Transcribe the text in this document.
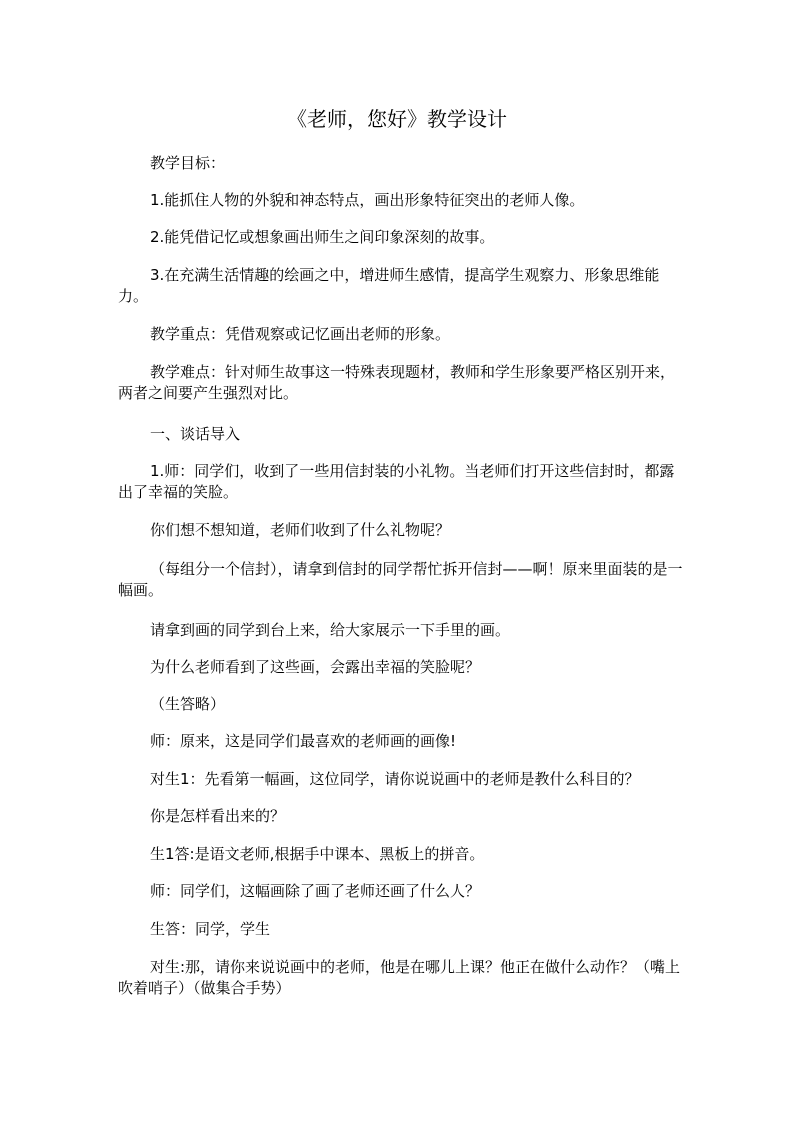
《老师，您好》教学设计

教学目标：

1.能抓住人物的外貌和神态特点，画出形象特征突出的老师人像。

2.能凭借记忆或想象画出师生之间印象深刻的故事。

3.在充满生活情趣的绘画之中，增进师生感情，提高学生观察力、形象思维能力。

教学重点：凭借观察或记忆画出老师的形象。

教学难点：针对师生故事这一特殊表现题材，教师和学生形象要严格区别开来，两者之间要产生强烈对比。

一、谈话导入

1.师：同学们，收到了一些用信封装的小礼物。当老师们打开这些信封时，都露出了幸福的笑脸。

你们想不想知道，老师们收到了什么礼物呢？

（每组分一个信封），请拿到信封的同学帮忙拆开信封——啊！原来里面装的是一幅画。

请拿到画的同学到台上来，给大家展示一下手里的画。

为什么老师看到了这些画，会露出幸福的笑脸呢？

（生答略）

师：原来，这是同学们最喜欢的老师画的画像!

对生1：先看第一幅画，这位同学，请你说说画中的老师是教什么科目的？

你是怎样看出来的？

生1答:是语文老师,根据手中课本、黑板上的拼音。

师：同学们，这幅画除了画了老师还画了什么人？

生答：同学，学生

对生:那，请你来说说画中的老师，他是在哪儿上课？他正在做什么动作？（嘴上吹着哨子）（做集合手势）
